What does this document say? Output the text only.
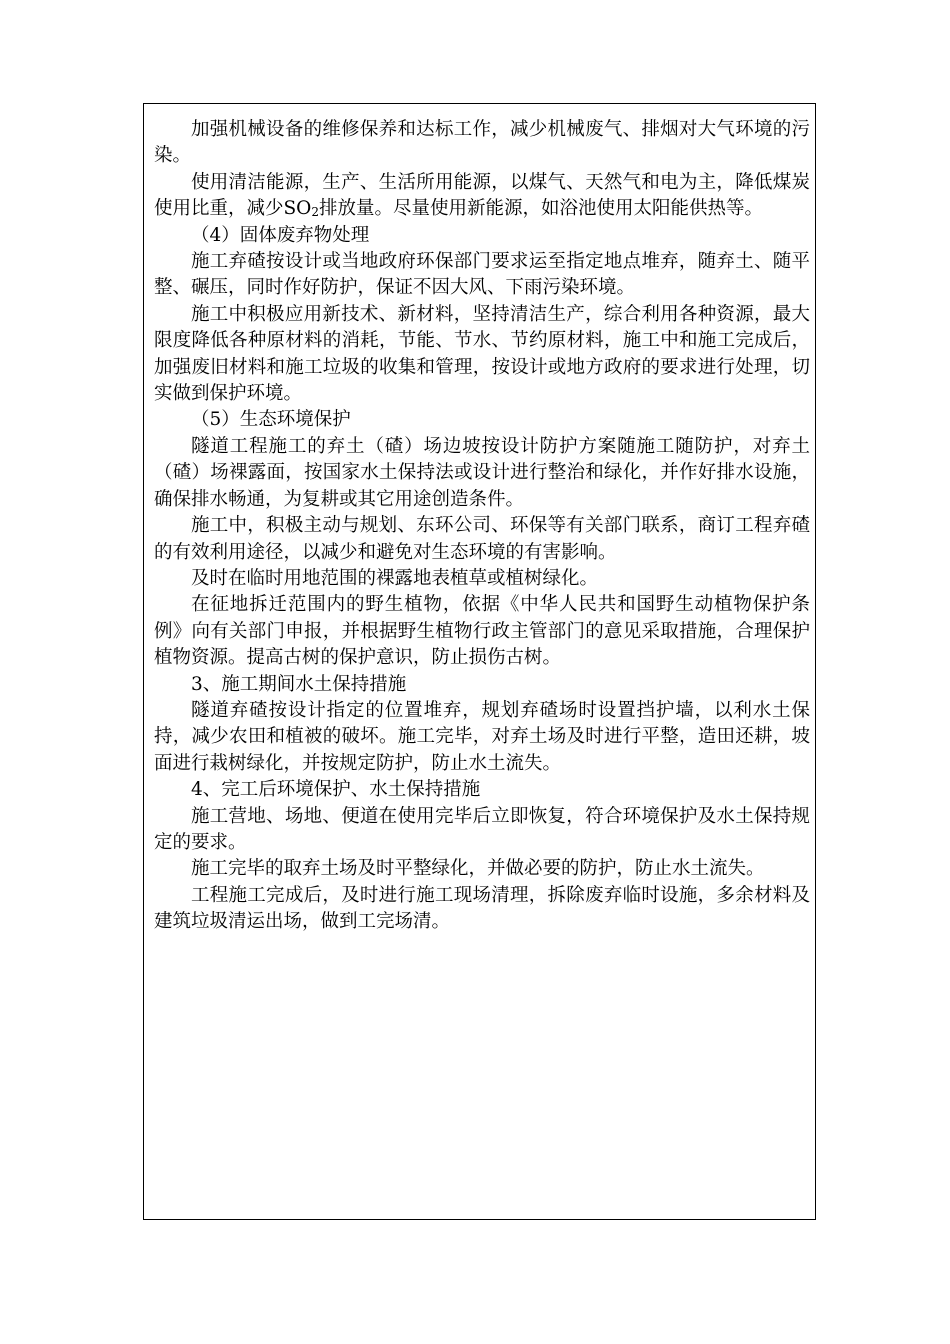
加强机械设备的维修保养和达标工作，减少机械废气、排烟对大气环境的污染。

使用清洁能源，生产、生活所用能源，以煤气、天然气和电为主，降低煤炭使用比重，减少$SO_2$排放量。尽量使用新能源，如浴池使用太阳能供热等。

（4）固体废弃物处理

施工弃碴按设计或当地政府环保部门要求运至指定地点堆弃，随弃土、随平整、碾压，同时作好防护，保证不因大风、下雨污染环境。

施工中积极应用新技术、新材料，坚持清洁生产，综合利用各种资源，最大限度降低各种原材料的消耗，节能、节水、节约原材料，施工中和施工完成后，加强废旧材料和施工垃圾的收集和管理，按设计或地方政府的要求进行处理，切实做到保护环境。

（5）生态环境保护

隧道工程施工的弃土（碴）场边坡按设计防护方案随施工随防护，对弃土（碴）场裸露面，按国家水土保持法或设计进行整治和绿化，并作好排水设施，确保排水畅通，为复耕或其它用途创造条件。

施工中，积极主动与规划、东环公司、环保等有关部门联系，商订工程弃碴的有效利用途径，以减少和避免对生态环境的有害影响。

及时在临时用地范围的裸露地表植草或植树绿化。

在征地拆迁范围内的野生植物，依据《中华人民共和国野生动植物保护条例》向有关部门申报，并根据野生植物行政主管部门的意见采取措施，合理保护植物资源。提高古树的保护意识，防止损伤古树。

3、施工期间水土保持措施

隧道弃碴按设计指定的位置堆弃，规划弃碴场时设置挡护墙，以利水土保持，减少农田和植被的破坏。施工完毕，对弃土场及时进行平整，造田还耕，坡面进行栽树绿化，并按规定防护，防止水土流失。

4、完工后环境保护、水土保持措施

施工营地、场地、便道在使用完毕后立即恢复，符合环境保护及水土保持规定的要求。

施工完毕的取弃土场及时平整绿化，并做必要的防护，防止水土流失。

工程施工完成后，及时进行施工现场清理，拆除废弃临时设施，多余材料及建筑垃圾清运出场，做到工完场清。
